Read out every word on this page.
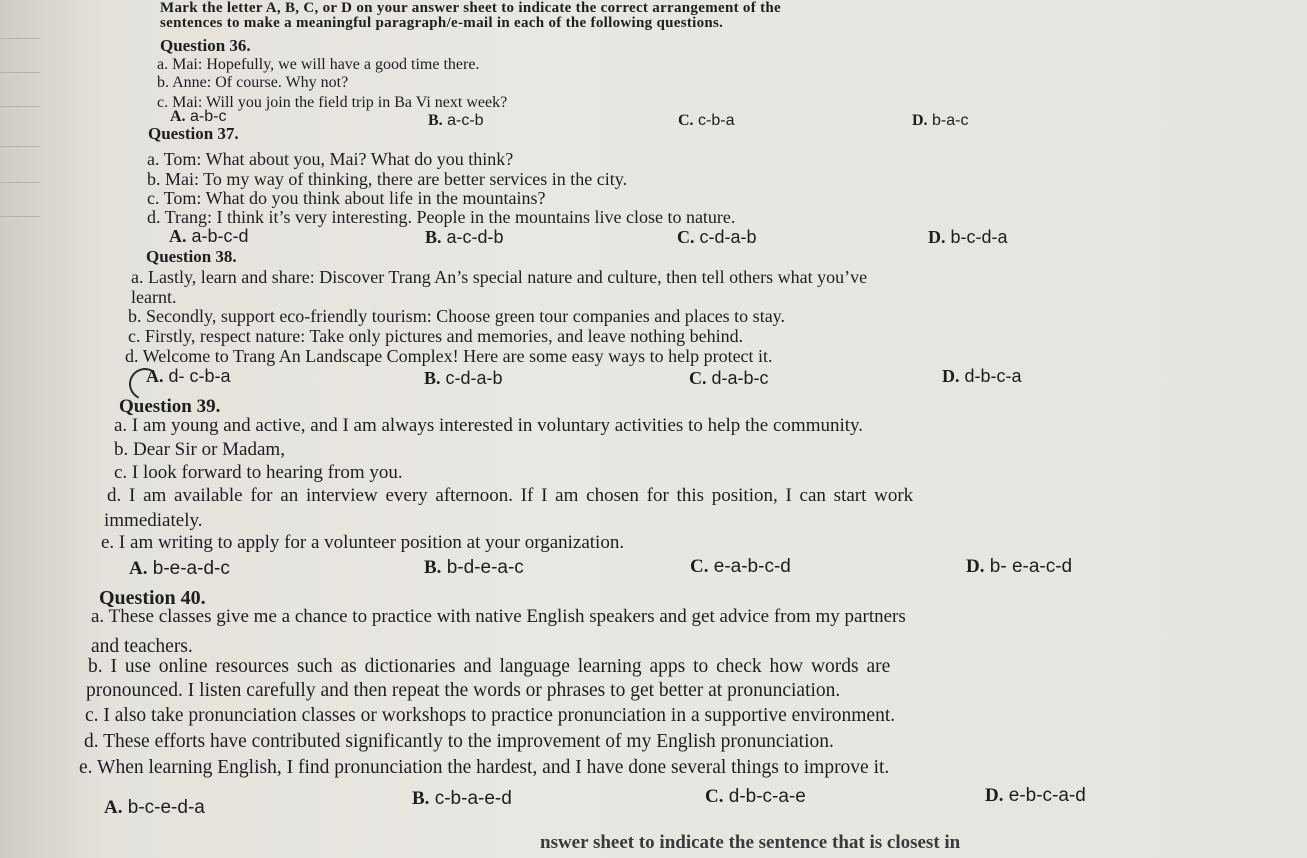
Mark the letter A, B, C, or D on your answer sheet to indicate the correct arrangement of the
sentences to make a meaningful paragraph/e-mail in each of the following questions.
Question 36.
a. Mai: Hopefully, we will have a good time there.
b. Anne: Of course. Why not?
c. Mai: Will you join the field trip in Ba Vi next week?
A. a-b-c	B. a-c-b	C. c-b-a	D. b-a-c
Question 37.
a. Tom: What about you, Mai? What do you think?
b. Mai: To my way of thinking, there are better services in the city.
c. Tom: What do you think about life in the mountains?
d. Trang: I think it’s very interesting. People in the mountains live close to nature.
A. a-b-c-d	B. a-c-d-b	C. c-d-a-b	D. b-c-d-a
Question 38.
a. Lastly, learn and share: Discover Trang An’s special nature and culture, then tell others what you’ve
learnt.
b. Secondly, support eco-friendly tourism: Choose green tour companies and places to stay.
c. Firstly, respect nature: Take only pictures and memories, and leave nothing behind.
d. Welcome to Trang An Landscape Complex! Here are some easy ways to help protect it.
A. d- c-b-a	B. c-d-a-b	C. d-a-b-c	D. d-b-c-a
Question 39.
a. I am young and active, and I am always interested in voluntary activities to help the community.
b. Dear Sir or Madam,
c. I look forward to hearing from you.
d. I am available for an interview every afternoon. If I am chosen for this position, I can start work
immediately.
e. I am writing to apply for a volunteer position at your organization.
A. b-e-a-d-c	B. b-d-e-a-c	C. e-a-b-c-d	D. b- e-a-c-d
Question 40.
a. These classes give me a chance to practice with native English speakers and get advice from my partners
and teachers.
b. I use online resources such as dictionaries and language learning apps to check how words are
pronounced. I listen carefully and then repeat the words or phrases to get better at pronunciation.
c. I also take pronunciation classes or workshops to practice pronunciation in a supportive environment.
d. These efforts have contributed significantly to the improvement of my English pronunciation.
e. When learning English, I find pronunciation the hardest, and I have done several things to improve it.
A. b-c-e-d-a	B. c-b-a-e-d	C. d-b-c-a-e	D. e-b-c-a-d
nswer sheet to indicate the sentence that is closest in
